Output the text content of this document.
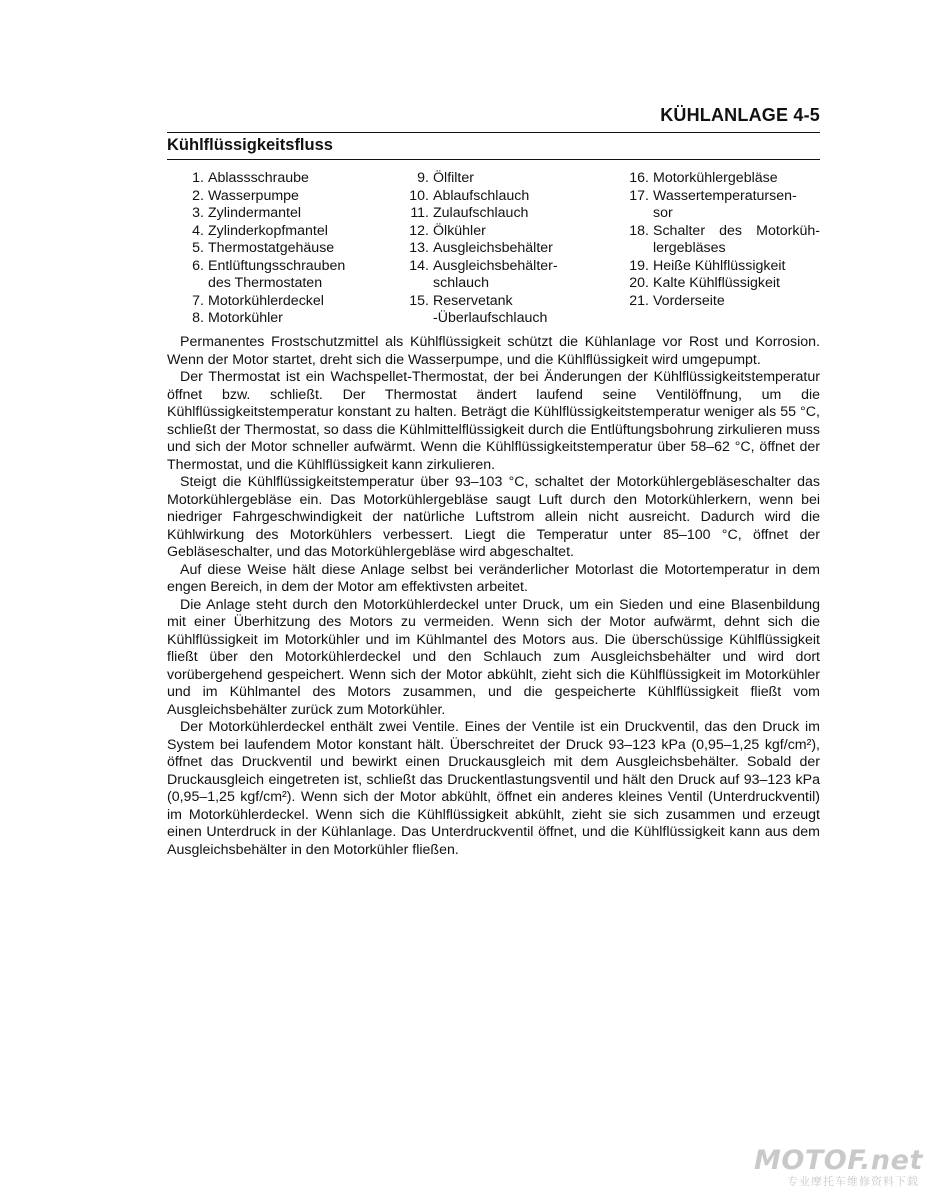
KÜHLANLAGE 4-5
Kühlflüssigkeitsfluss
1. Ablassschraube
2. Wasserpumpe
3. Zylindermantel
4. Zylinderkopfmantel
5. Thermostatgehäuse
6. Entlüftungsschrauben

des Thermostaten
7. Motorkühlerdeckel
8. Motorkühler
9. Ölfilter
10. Ablaufschlauch
11. Zulaufschlauch
12. Ölkühler
13. Ausgleichsbehälter
14. Ausgleichsbehälter-

schlauch
15. Reservetank

-Überlaufschlauch
16. Motorkühlergebläse
17. Wassertemperatursen-

sor
18. Schalter des Motorküh-

lergebläses
19. Heiße Kühlflüssigkeit
20. Kalte Kühlflüssigkeit
21. Vorderseite

Permanentes Frostschutzmittel als Kühlflüssigkeit schützt die Kühlanlage vor Rost und Korrosion. Wenn der Motor startet, dreht sich die Wasserpumpe, und die Kühlflüssigkeit wird umgepumpt.

Der Thermostat ist ein Wachspellet-Thermostat, der bei Änderungen der Kühlflüssigkeitstemperatur öffnet bzw. schließt. Der Thermostat ändert laufend seine Ventilöffnung, um die Kühlflüssigkeitstemperatur konstant zu halten. Beträgt die Kühlflüssigkeitstemperatur weniger als 55 °C, schließt der Thermostat, so dass die Kühlmittelflüssigkeit durch die Entlüftungsbohrung zirkulieren muss und sich der Motor schneller aufwärmt. Wenn die Kühlflüssigkeitstemperatur über 58–62 °C, öffnet der Thermostat, und die Kühlflüssigkeit kann zirkulieren.

Steigt die Kühlflüssigkeitstemperatur über 93–103 °C, schaltet der Motorkühlergebläseschalter das Motorkühlergebläse ein. Das Motorkühlergebläse saugt Luft durch den Motorkühlerkern, wenn bei niedriger Fahrgeschwindigkeit der natürliche Luftstrom allein nicht ausreicht. Dadurch wird die Kühlwirkung des Motorkühlers verbessert. Liegt die Temperatur unter 85–100 °C, öffnet der Gebläseschalter, und das Motorkühlergebläse wird abgeschaltet.

Auf diese Weise hält diese Anlage selbst bei veränderlicher Motorlast die Motortemperatur in dem engen Bereich, in dem der Motor am effektivsten arbeitet.

Die Anlage steht durch den Motorkühlerdeckel unter Druck, um ein Sieden und eine Blasenbildung mit einer Überhitzung des Motors zu vermeiden. Wenn sich der Motor aufwärmt, dehnt sich die Kühlflüssigkeit im Motorkühler und im Kühlmantel des Motors aus. Die überschüssige Kühlflüssigkeit fließt über den Motorkühlerdeckel und den Schlauch zum Ausgleichsbehälter und wird dort vorübergehend gespeichert. Wenn sich der Motor abkühlt, zieht sich die Kühlflüssigkeit im Motorkühler und im Kühlmantel des Motors zusammen, und die gespeicherte Kühlflüssigkeit fließt vom Ausgleichsbehälter zurück zum Motorkühler.

Der Motorkühlerdeckel enthält zwei Ventile. Eines der Ventile ist ein Druckventil, das den Druck im System bei laufendem Motor konstant hält. Überschreitet der Druck 93–123 kPa (0,95–1,25 kgf/cm²), öffnet das Druckventil und bewirkt einen Druckausgleich mit dem Ausgleichsbehälter. Sobald der Druckausgleich eingetreten ist, schließt das Druckentlastungsventil und hält den Druck auf 93–123 kPa (0,95–1,25 kgf/cm²). Wenn sich der Motor abkühlt, öffnet ein anderes kleines Ventil (Unterdruckventil) im Motorkühlerdeckel. Wenn sich die Kühlflüssigkeit abkühlt, zieht sie sich zusammen und erzeugt einen Unterdruck in der Kühlanlage. Das Unterdruckventil öffnet, und die Kühlflüssigkeit kann aus dem Ausgleichsbehälter in den Motorkühler fließen.

MOTOF.net
专业摩托车维修资料下载
